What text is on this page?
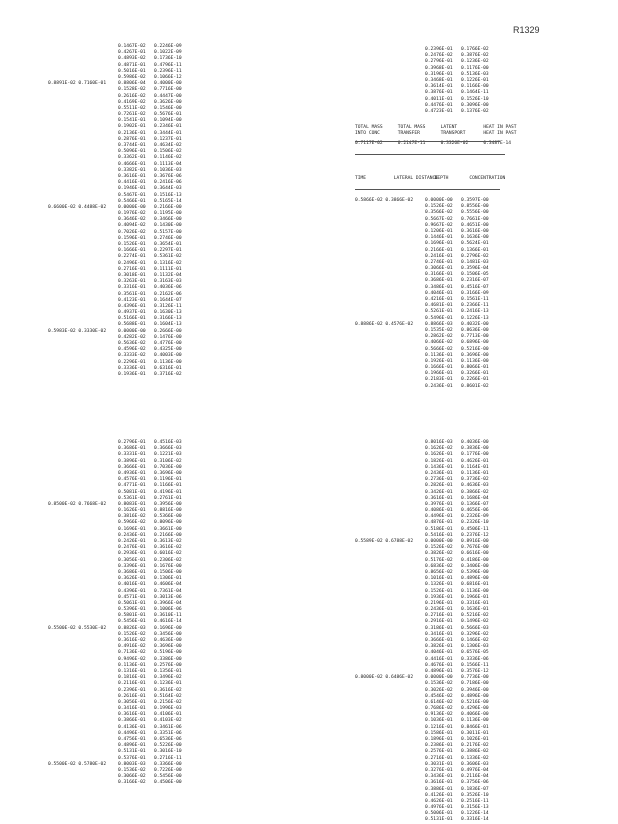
R1329
0.1467E-02 0.2246E-09
0.4267E-01 0.1022E-09
0.4893E-02 0.1736E-10
0.4871E-01 0.4796E-11
0.5016E-01 0.2396E-11
0.5986E-02 0.1066E-12
0.8891E-02 0.7160E-01	0.8806E-04 0.4000E-00
0.1528E-02 0.7716E-00
0.2616E-02 0.4447E-00
0.4169E-02 0.3626E-00
0.5511E-02 0.1546E-00
0.7261E-02 0.5676E-01
0.1541E-01 0.1094E-00
0.1902E-01 0.2346E-01
0.2136E-01 0.3444E-01
0.2876E-01 0.1237E-01
0.3744E-01 0.4634E-02
0.5096E-01 0.1506E-02
0.3362E-01 0.1146E-02
0.4666E-01 0.1113E-04
0.3382E-01 0.1036E-03
0.3616E-01 0.3676E-06
0.4416E-01 0.2416E-06
0.1946E-01 0.3644E-03
0.5467E-01 0.1516E-13
0.5466E-01 0.5165E-14
0.6600E-02 0.4488E-02	0.0000E-00 0.2166E-00
0.1976E-02 0.1195E-00
0.3646E-02 0.3466E-00
0.4094E-02 0.1430E-00
0.7026E-02 0.5157E-00
0.1596E-01 0.2746E-00
0.1526E-01 0.3654E-01
0.1666E-01 0.2297E-01
0.2274E-01 0.5361E-02
0.2496E-01 0.1316E-02
0.2716E-01 0.1111E-01
0.3018E-01 0.1132E-04
0.3263E-01 0.3163E-03
0.3316E-01 0.4036E-06
0.3561E-01 0.2162E-06
0.4123E-01 0.1644E-07
0.4396E-01 0.3126E-11
0.4937E-01 0.1630E-13
0.5166E-01 0.3166E-13
0.5688E-01 0.1604E-13
0.5983E-02 0.3330E-02	0.0000E-00 0.2666E-00
0.4282E-02 0.1476E-00
0.5636E-02 0.4776E-00
0.4596E-02 0.4325E-00
0.3333E-02 0.4003E-00
0.2296E-01 0.1136E-00
0.3336E-01 0.6316E-01
0.1936E-01 0.3716E-02
0.2396E-01 0.1766E-02
0.2476E-02 0.3876E-02
0.2796E-01 0.1236E-02
0.3968E-01 0.1176E-00
0.3196E-01 0.5136E-03
0.3468E-01 0.1226E-01
0.3614E-01 0.1166E-00
0.3876E-01 0.1464E-11
0.4011E-01 0.1526E-10
0.4476E-01 0.3096E-00
0.4723E-01 0.1376E-02
TOTAL MASS	TOTAL MASS	LATENT	HEAT IN PAST
INTO CONC	TRANSFER	TRANSPORT	HEAT IN PAST
0.7117E-02	0.2147E-11	0.3326E-02	0.3487E-14
TIME	LATERAL DISTANCE DEPTH	CONCENTRATION
0.5866E-02 0.3866E-02	0.0000E-00 0.3597E-00
0.1526E-02 0.8556E-00
0.3566E-02 0.5556E-00
0.5667E-02 0.7661E-00
0.9667E-02 0.4651E-00
0.1206E-01 0.3616E-00
0.1446E-01 0.1636E-00
0.1696E-01 0.5624E-01
0.2166E-01 0.1366E-01
0.2416E-01 0.2796E-02
0.2746E-01 0.1481E-03
0.3066E-01 0.3596E-04
0.3166E-01 0.1506E-05
0.3686E-01 0.2316E-07
0.3486E-01 0.4516E-07
0.4046E-01 0.3166E-09
0.4216E-01 0.1561E-11
0.4681E-01 0.2366E-11
0.5261E-01 0.2416E-13
0.5496E-01 0.1226E-13
0.8886E-02 0.4576E-02	0.8866E-03 0.4032E-00
0.1535E-02 0.8636E-00
0.2862E-02 0.7713E-00
0.4066E-02 0.6896E-00
0.5666E-02 0.5216E-00
0.1136E-01 0.3696E-00
0.1926E-01 0.1136E-00
0.1666E-01 0.8066E-01
0.1966E-01 0.3266E-01
0.2183E-01 0.2266E-01
0.2436E-01 0.8601E-02
0.2796E-01 0.4516E-03
0.3686E-01 0.3666E-03
0.3331E-01 0.1221E-03
0.3896E-01 0.3106E-02
0.3666E-01 0.7036E-00
0.4936E-01 0.3696E-00
0.4576E-01 0.1196E-01
0.4771E-01 0.1166E-01
0.5081E-01 0.4196E-01
0.5361E-01 0.2761E-01
0.8500E-02 0.7668E-02	0.8083E-01 0.3956E-00
0.1626E-01 0.8816E-00
0.3816E-02 0.5366E-00
0.5966E-02 0.8096E-00
0.1696E-01 0.3661E-00
0.2436E-01 0.2166E-00
0.2426E-01 0.3613E-02
0.2476E-01 0.3616E-02
0.2936E-01 0.6016E-02
0.3056E-01 0.2306E-02
0.3396E-01 0.1676E-00
0.3686E-01 0.1506E-00
0.3626E-01 0.1306E-01
0.4016E-01 0.4606E-04
0.4396E-01 0.7361E-04
0.4571E-01 0.3013E-06
0.5061E-01 0.3966E-04
0.5396E-01 0.1006E-06
0.5801E-01 0.3610E-11
0.5456E-01 0.4616E-14
0.5500E-02 0.5530E-02	0.8826E-03 0.1696E-00
0.1526E-02 0.3456E-00
0.3616E-02 0.4636E-00
0.4916E-02 0.3696E-00
0.7136E-02 0.5196E-00
0.9496E-02 0.3386E-00
0.1136E-01 0.2576E-00
0.1316E-01 0.1356E-01
0.1816E-01 0.3496E-02
0.2116E-01 0.1236E-01
0.2396E-01 0.3616E-02
0.2616E-01 0.5164E-02
0.3056E-01 0.2156E-02
0.3416E-01 0.1996E-03
0.3616E-01 0.4106E-01
0.3866E-01 0.4103E-02
0.4136E-01 0.3461E-06
0.4496E-01 0.3351E-06
0.4756E-01 0.6536E-06
0.4896E-01 0.5226E-00
0.5131E-01 0.3016E-10
0.5376E-01 0.2716E-11
0.5500E-02 0.5780E-02	0.8003E-03 0.3366E-00
0.1536E-02 0.7226E-00
0.3066E-02 0.5456E-00
0.3166E-02 0.4506E-00
0.8016E-03 0.4036E-00
0.1626E-02 0.3836E-00
0.1626E-01 0.1776E-00
0.1826E-01 0.4626E-01
0.1436E-01 0.1164E-01
0.2436E-01 0.1136E-01
0.2736E-01 0.3736E-02
0.2826E-01 0.4636E-03
0.3426E-01 0.3866E-02
0.3616E-01 0.1686E-04
0.3976E-01 0.1366E-07
0.4086E-01 0.4656E-06
0.4496E-01 0.2326E-09
0.4876E-01 0.2326E-10
0.5186E-01 0.4506E-11
0.5416E-01 0.2376E-12
0.5589E-02 0.6788E-02	0.0000E-00 0.8916E-00
0.1526E-02 0.7676E-00
0.3826E-02 0.6616E-00
0.5176E-02 0.4186E-00
0.6836E-02 0.3406E-00
0.8656E-02 0.5396E-00
0.1016E-01 0.4896E-00
0.1326E-01 0.6816E-01
0.1526E-01 0.1136E-00
0.1936E-01 0.1966E-01
0.2196E-01 0.3316E-01
0.2436E-01 0.1636E-01
0.2716E-01 0.5216E-02
0.2916E-01 0.1496E-02
0.3186E-01 0.5666E-03
0.3416E-01 0.3296E-02
0.3666E-01 0.1466E-02
0.3826E-01 0.1306E-03
0.4046E-01 0.6576E-05
0.4416E-01 0.3336E-06
0.4676E-01 0.1566E-11
0.4896E-01 0.3576E-12
0.8000E-02 0.6486E-02	0.0000E-00 0.7736E-00
0.1536E-02 0.7186E-00
0.3026E-02 0.3946E-00
0.4546E-02 0.4896E-00
0.6146E-02 0.5216E-00
0.7686E-02 0.4296E-00
0.9136E-02 0.4066E-00
0.1036E-01 0.1136E-00
0.1216E-01 0.8466E-01
0.1586E-01 0.3011E-01
0.1896E-01 0.1026E-01
0.2386E-01 0.2176E-02
0.2576E-01 0.3886E-02
0.2716E-01 0.1336E-02
0.3031E-01 0.3606E-03
0.3276E-01 0.4976E-04
0.3436E-01 0.2116E-04
0.3616E-01 0.3756E-06
0.3886E-01 0.1836E-07
0.4126E-01 0.3526E-10
0.4626E-01 0.2516E-11
0.4976E-01 0.3156E-13
0.5006E-01 0.1226E-14
0.5131E-01 0.3316E-14
